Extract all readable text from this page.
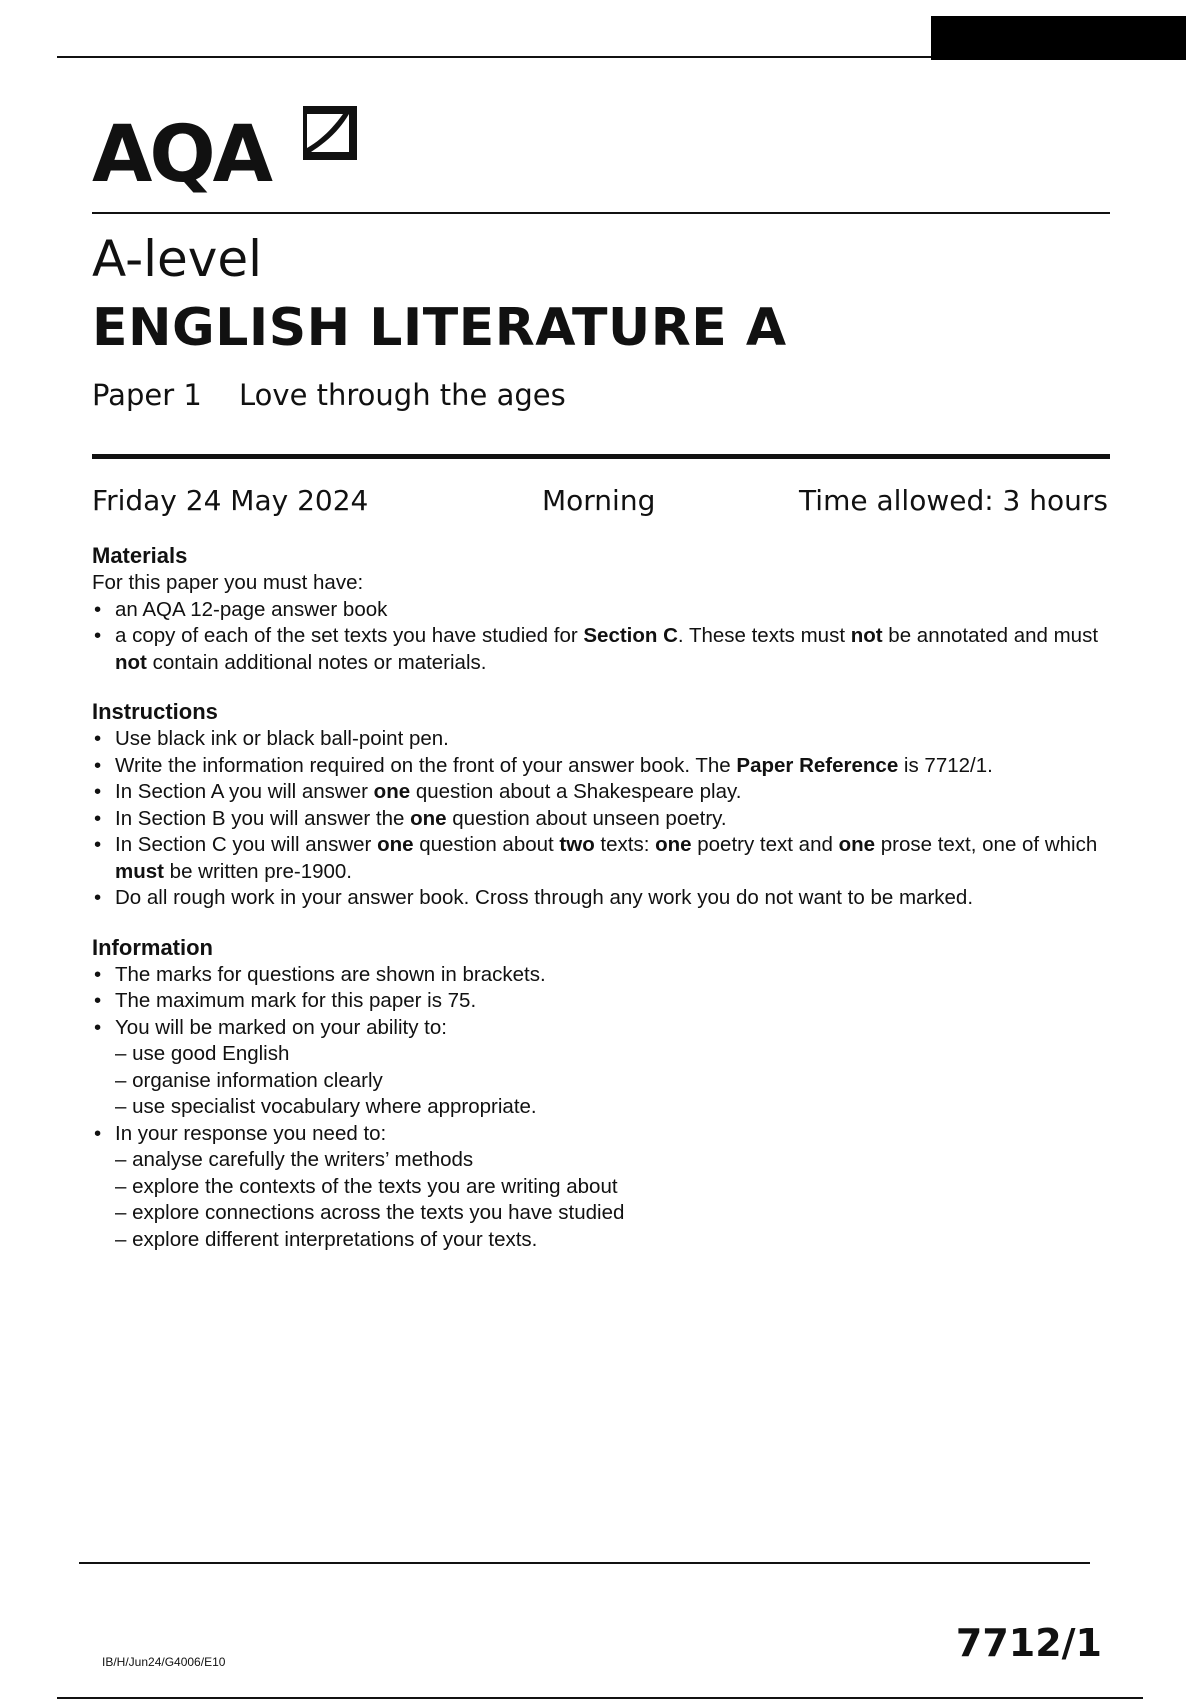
AQA
A-level
ENGLISH LITERATURE A
Paper 1 Love through the ages
Friday 24 May 2024	Morning	Time allowed: 3 hours

Materials

For this paper you must have:

• an AQA 12-page answer book
• a copy of each of the set texts you have studied for Section C. These texts must not be annotated and must not contain additional notes or materials.

Instructions

• Use black ink or black ball-point pen.
• Write the information required on the front of your answer book. The Paper Reference is 7712/1.
• In Section A you will answer one question about a Shakespeare play.
• In Section B you will answer the one question about unseen poetry.
• In Section C you will answer one question about two texts: one poetry text and one prose text, one of which must be written pre-1900.
• Do all rough work in your answer book. Cross through any work you do not want to be marked.

Information

• The marks for questions are shown in brackets.
• The maximum mark for this paper is 75.
• You will be marked on your ability to:
– use good English
– organise information clearly
– use specialist vocabulary where appropriate.
• In your response you need to:
– analyse carefully the writers’ methods
– explore the contexts of the texts you are writing about
– explore connections across the texts you have studied
– explore different interpretations of your texts.
IB/H/Jun24/G4006/E10	7712/1
